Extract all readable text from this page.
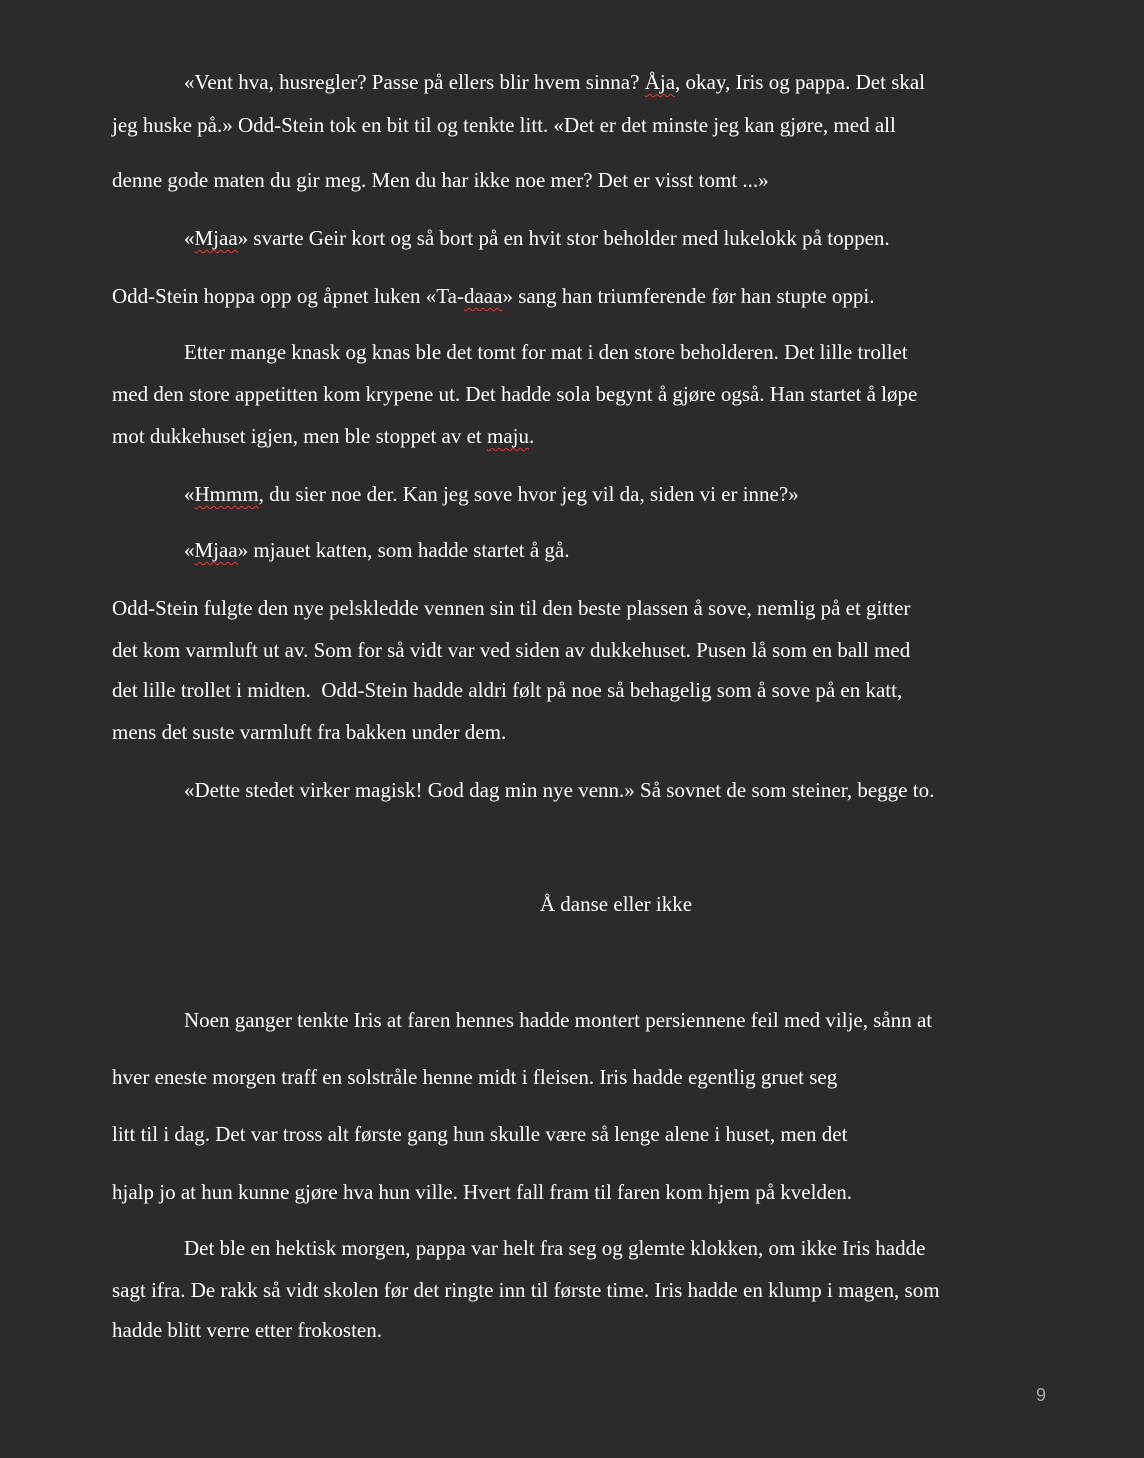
«Vent hva, husregler? Passe på ellers blir hvem sinna? Åja, okay, Iris og pappa. Det skal

jeg huske på.» Odd-Stein tok en bit til og tenkte litt. «Det er det minste jeg kan gjøre, med all

denne gode maten du gir meg. Men du har ikke noe mer? Det er visst tomt ...»

«Mjaa» svarte Geir kort og så bort på en hvit stor beholder med lukelokk på toppen.

Odd-Stein hoppa opp og åpnet luken «Ta-daaa» sang han triumferende før han stupte oppi.

Etter mange knask og knas ble det tomt for mat i den store beholderen. Det lille trollet

med den store appetitten kom krypene ut. Det hadde sola begynt å gjøre også. Han startet å løpe

mot dukkehuset igjen, men ble stoppet av et maju.

«Hmmm, du sier noe der. Kan jeg sove hvor jeg vil da, siden vi er inne?»

«Mjaa» mjauet katten, som hadde startet å gå.

Odd-Stein fulgte den nye pelskledde vennen sin til den beste plassen å sove, nemlig på et gitter

det kom varmluft ut av. Som for så vidt var ved siden av dukkehuset. Pusen lå som en ball med

det lille trollet i midten.  Odd-Stein hadde aldri følt på noe så behagelig som å sove på en katt,

mens det suste varmluft fra bakken under dem.

«Dette stedet virker magisk! God dag min nye venn.» Så sovnet de som steiner, begge to.

Noen ganger tenkte Iris at faren hennes hadde montert persiennene feil med vilje, sånn at

hver eneste morgen traff en solstråle henne midt i fleisen. Iris hadde egentlig gruet seg

litt til i dag. Det var tross alt første gang hun skulle være så lenge alene i huset, men det

hjalp jo at hun kunne gjøre hva hun ville. Hvert fall fram til faren kom hjem på kvelden.

Det ble en hektisk morgen, pappa var helt fra seg og glemte klokken, om ikke Iris hadde

sagt ifra. De rakk så vidt skolen før det ringte inn til første time. Iris hadde en klump i magen, som

hadde blitt verre etter frokosten.

Å danse eller ikke
9
